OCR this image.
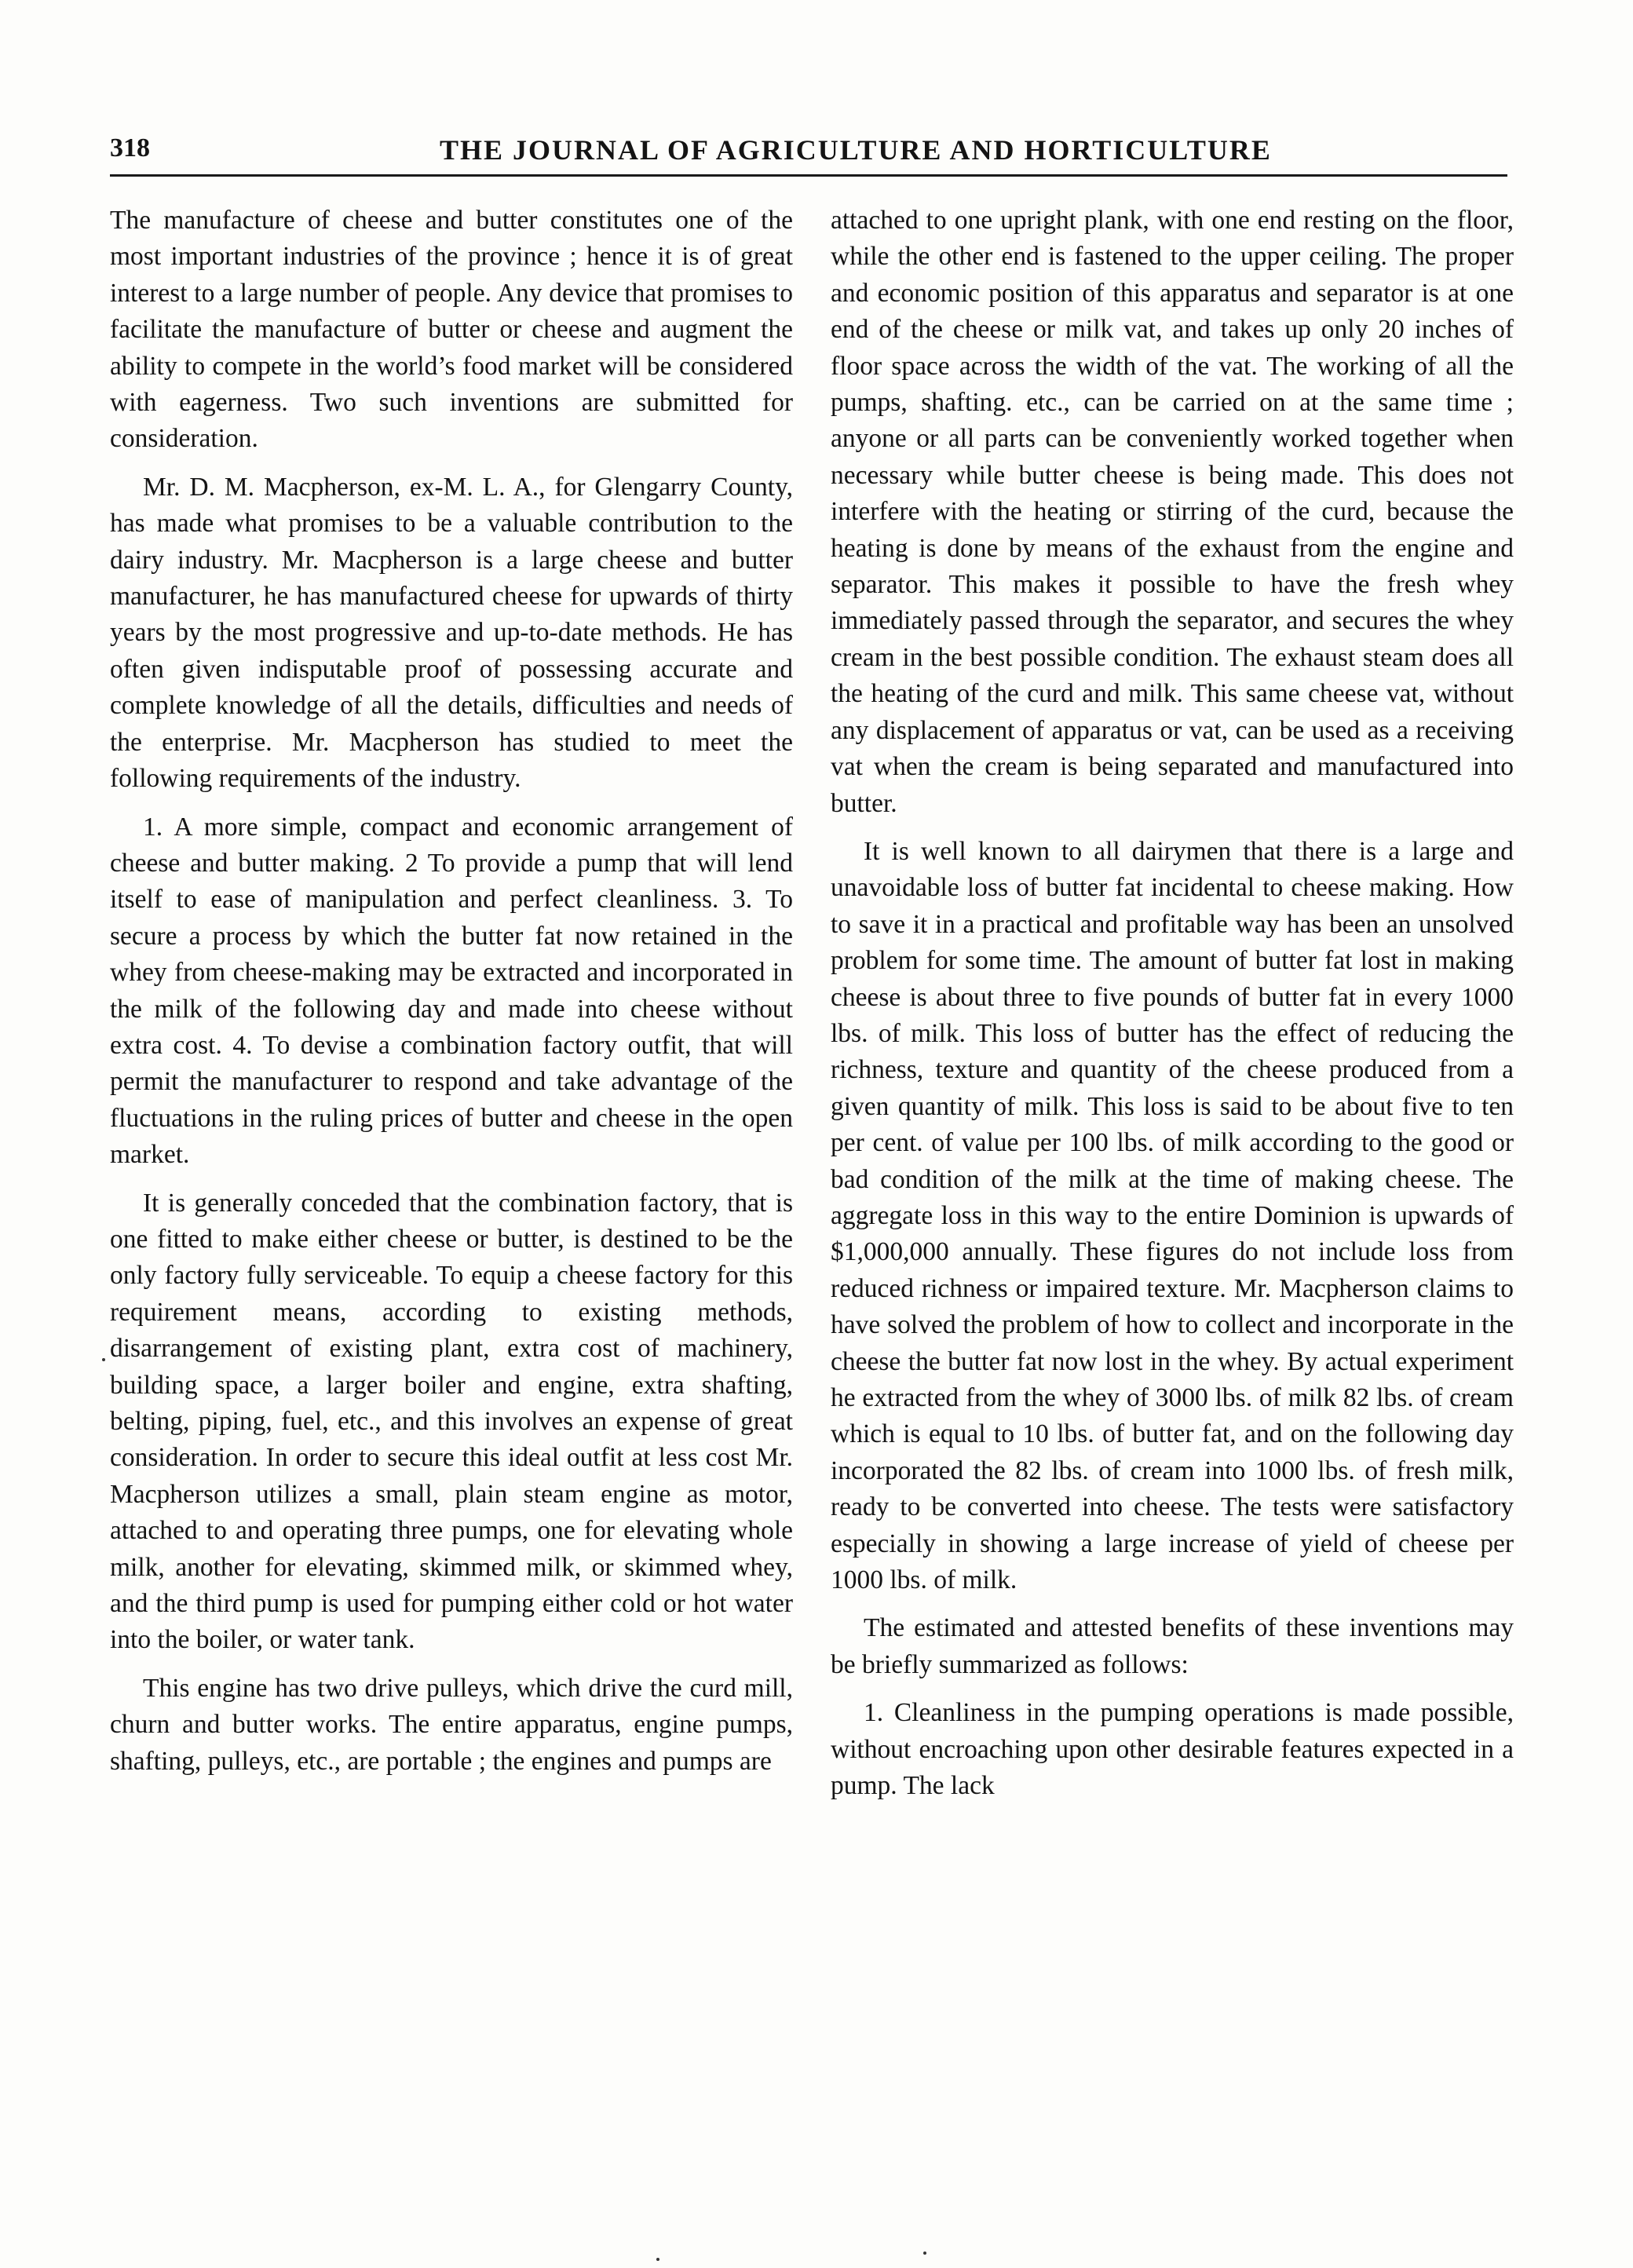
318	THE JOURNAL OF AGRICULTURE AND HORTICULTURE

The manufacture of cheese and butter constitutes one of the most important industries of the province ; hence it is of great interest to a large number of people. Any device that promises to facilitate the manufacture of butter or cheese and augment the ability to compete in the world’s food market will be considered with eagerness. Two such inventions are submitted for consideration.

Mr. D. M. Macpherson, ex-M. L. A., for Glengarry County, has made what promises to be a valuable contribution to the dairy industry. Mr. Macpherson is a large cheese and butter manufacturer, he has manufactured cheese for upwards of thirty years by the most progressive and up-to-date methods. He has often given indisputable proof of possessing accurate and complete knowledge of all the details, difficulties and needs of the enterprise. Mr. Macpherson has studied to meet the following requirements of the industry.

1. A more simple, compact and economic arrangement of cheese and butter making. 2 To provide a pump that will lend itself to ease of manipulation and perfect cleanliness. 3. To secure a process by which the butter fat now retained in the whey from cheese-making may be extracted and incorporated in the milk of the following day and made into cheese without extra cost. 4. To devise a combination factory outfit, that will permit the manufacturer to respond and take advantage of the fluctuations in the ruling prices of butter and cheese in the open market.

It is generally conceded that the combination factory, that is one fitted to make either cheese or butter, is destined to be the only factory fully serviceable. To equip a cheese factory for this requirement means, according to existing methods, disarrangement of existing plant, extra cost of machinery, building space, a larger boiler and engine, extra shafting, belting, piping, fuel, etc., and this involves an expense of great consideration. In order to secure this ideal outfit at less cost Mr. Macpherson utilizes a small, plain steam engine as motor, attached to and operating three pumps, one for elevating whole milk, another for elevating, skimmed milk, or skimmed whey, and the third pump is used for pumping either cold or hot water into the boiler, or water tank.

This engine has two drive pulleys, which drive the curd mill, churn and butter works. The entire apparatus, engine pumps, shafting, pulleys, etc., are portable ; the engines and pumps are

attached to one upright plank, with one end resting on the floor, while the other end is fastened to the upper ceiling. The proper and economic position of this apparatus and separator is at one end of the cheese or milk vat, and takes up only 20 inches of floor space across the width of the vat. The working of all the pumps, shafting. etc., can be carried on at the same time ; anyone or all parts can be conveniently worked together when necessary while butter cheese is being made. This does not interfere with the heating or stirring of the curd, because the heating is done by means of the exhaust from the engine and separator. This makes it possible to have the fresh whey immediately passed through the separator, and secures the whey cream in the best possible condition. The exhaust steam does all the heating of the curd and milk. This same cheese vat, without any displacement of apparatus or vat, can be used as a receiving vat when the cream is being separated and manufactured into butter.

It is well known to all dairymen that there is a large and unavoidable loss of butter fat incidental to cheese making. How to save it in a practical and profitable way has been an unsolved problem for some time. The amount of butter fat lost in making cheese is about three to five pounds of butter fat in every 1000 lbs. of milk. This loss of butter has the effect of reducing the richness, texture and quantity of the cheese produced from a given quantity of milk. This loss is said to be about five to ten per cent. of value per 100 lbs. of milk according to the good or bad condition of the milk at the time of making cheese. The aggregate loss in this way to the entire Dominion is upwards of $1,000,000 annually. These figures do not include loss from reduced richness or impaired texture. Mr. Macpherson claims to have solved the problem of how to collect and incorporate in the cheese the butter fat now lost in the whey. By actual experiment he extracted from the whey of 3000 lbs. of milk 82 lbs. of cream which is equal to 10 lbs. of butter fat, and on the following day incorporated the 82 lbs. of cream into 1000 lbs. of fresh milk, ready to be converted into cheese. The tests were satisfactory especially in showing a large increase of yield of cheese per 1000 lbs. of milk.

The estimated and attested benefits of these inventions may be briefly summarized as follows:

1. Cleanliness in the pumping operations is made possible, without encroaching upon other desirable features expected in a pump. The lack
